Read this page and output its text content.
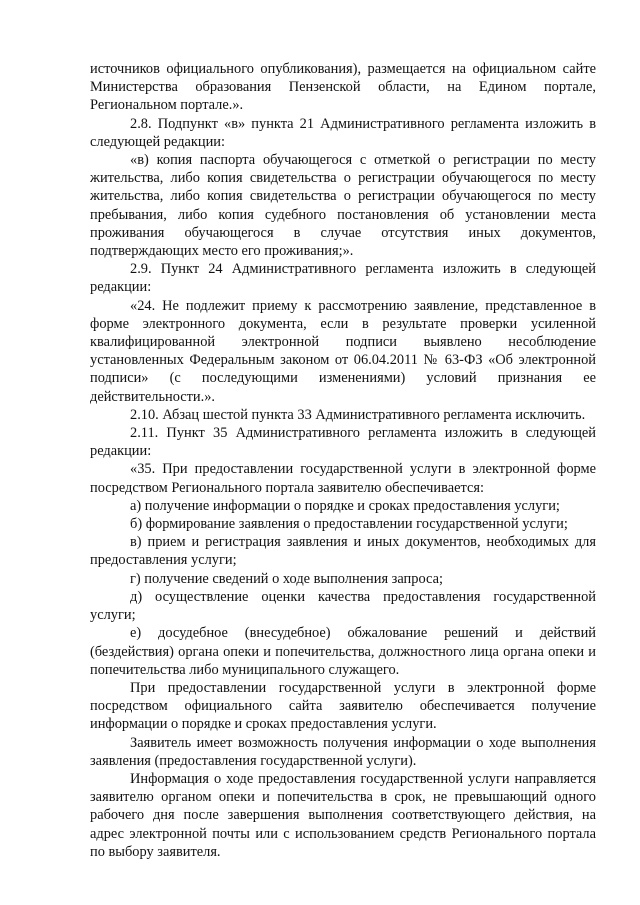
источников официального опубликования), размещается на официальном сайте Министерства образования Пензенской области, на Едином портале, Региональном портале.».

2.8. Подпункт «в» пункта 21 Административного регламента изложить в следующей редакции:

«в) копия паспорта обучающегося с отметкой о регистрации по месту жительства, либо копия свидетельства о регистрации обучающегося по месту жительства, либо копия свидетельства о регистрации обучающегося по месту пребывания, либо копия судебного постановления об установлении места проживания обучающегося в случае отсутствия иных документов, подтверждающих место его проживания;».

2.9. Пункт 24 Административного регламента изложить в следующей редакции:

«24. Не подлежит приему к рассмотрению заявление, представленное в форме электронного документа, если в результате проверки усиленной квалифицированной электронной подписи выявлено несоблюдение установленных Федеральным законом от 06.04.2011 № 63-ФЗ «Об электронной подписи» (с последующими изменениями) условий признания ее действительности.».

2.10. Абзац шестой пункта 33 Административного регламента исключить.

2.11. Пункт 35 Административного регламента изложить в следующей редакции:

«35. При предоставлении государственной услуги в электронной форме посредством Регионального портала заявителю обеспечивается:

а) получение информации о порядке и сроках предоставления услуги;

б) формирование заявления о предоставлении государственной услуги;

в) прием и регистрация заявления и иных документов, необходимых для предоставления услуги;

г) получение сведений о ходе выполнения запроса;

д) осуществление оценки качества предоставления государственной услуги;

е) досудебное (внесудебное) обжалование решений и действий (бездействия) органа опеки и попечительства, должностного лица органа опеки и попечительства либо муниципального служащего.

При предоставлении государственной услуги в электронной форме посредством официального сайта заявителю обеспечивается получение информации о порядке и сроках предоставления услуги.

Заявитель имеет возможность получения информации о ходе выполнения заявления (предоставления государственной услуги).

Информация о ходе предоставления государственной услуги направляется заявителю органом опеки и попечительства в срок, не превышающий одного рабочего дня после завершения выполнения соответствующего действия, на адрес электронной почты или с использованием средств Регионального портала по выбору заявителя.
